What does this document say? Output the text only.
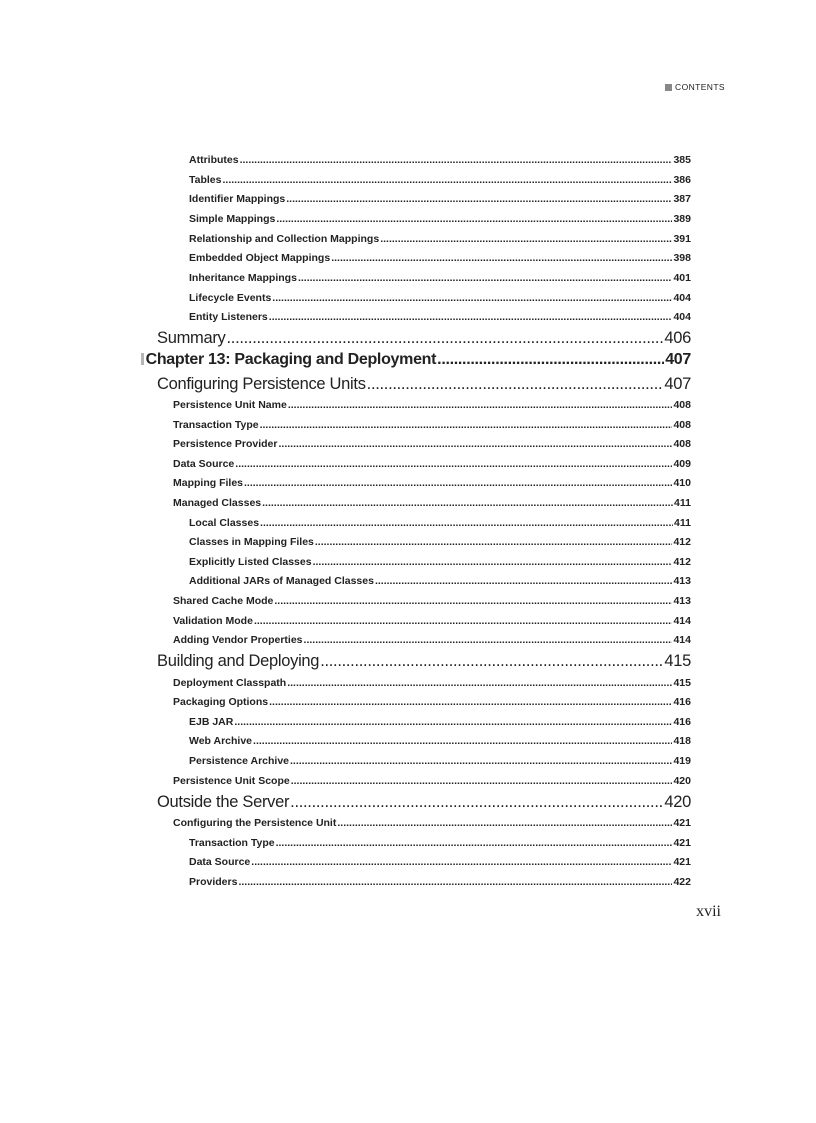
CONTENTS
Attributes .....	385
Tables .....	386
Identifier Mappings .....	387
Simple Mappings .....	389
Relationship and Collection Mappings .....	391
Embedded Object Mappings .....	398
Inheritance Mappings .....	401
Lifecycle Events .....	404
Entity Listeners .....	404
Summary .....	406
Chapter 13: Packaging and Deployment .....	407
Configuring Persistence Units .....	407
Persistence Unit Name .....	408
Transaction Type .....	408
Persistence Provider .....	408
Data Source .....	409
Mapping Files .....	410
Managed Classes .....	411
Local Classes .....	411
Classes in Mapping Files .....	412
Explicitly Listed Classes .....	412
Additional JARs of Managed Classes .....	413
Shared Cache Mode .....	413
Validation Mode .....	414
Adding Vendor Properties .....	414
Building and Deploying .....	415
Deployment Classpath .....	415
Packaging Options .....	416
EJB JAR .....	416
Web Archive .....	418
Persistence Archive .....	419
Persistence Unit Scope .....	420
Outside the Server .....	420
Configuring the Persistence Unit .....	421
Transaction Type .....	421
Data Source .....	421
Providers .....	422
xvii
